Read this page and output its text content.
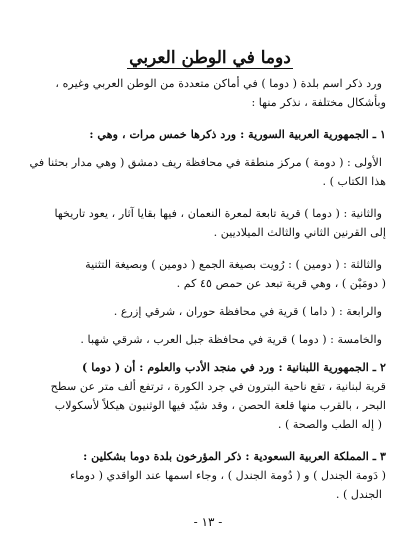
دوما في الوطن العربي

ورد ذكر اسم بلدة ( دوما ) في أماكن متعددة من الوطن العربي وغيره ،

وبأشكال مختلفة ، نذكر منها :

١ ـ الجمهورية العربية السورية : ورد ذكرها خمس مرات ، وهي :

الأولى : ( دومة ) مركز منطقة في محافظة ريف دمشق ( وهي مدار بحثنا في

هذا الكتاب ) .

والثانية : ( دوما ) قرية تابعة لمعرة النعمان ، فيها بقايا آثار ، يعود تاريخها

إلى القرنين الثاني والثالث الميلاديين .

والثالثة : ( دومين ) : رُويت بصيغة الجمع ( دومين ) وبصيغة التثنية

( دومَيْن ) ، وهي قرية تبعد عن حمص ٤٥ كم .

والرابعة : ( داما ) قرية في محافظة حوران ، شرقي إزرع .

والخامسة : ( دوما ) قرية في محافظة جبل العرب ، شرقي شهبا .

٢ ـ الجمهورية اللبنانية : ورد في منجد الأدب والعلوم : أن ( دوما )

قرية لبنانية ، تقع ناحية البترون في جرد الكورة ، ترتفع ألف متر عن سطح

البحر ، بالقرب منها قلعة الحصن ، وقد شيّد فيها الوثنيون هيكلاً لأسكولاب

( إله الطب والصحة ) .

٣ ـ المملكة العربية السعودية : ذكر المؤرخون بلدة دوما بشكلين :

( دَومة الجندل ) و ( دُومة الجندل ) ، وجاء اسمها عند الواقدي ( دوماء

الجندل ) .

- ١٣ -
